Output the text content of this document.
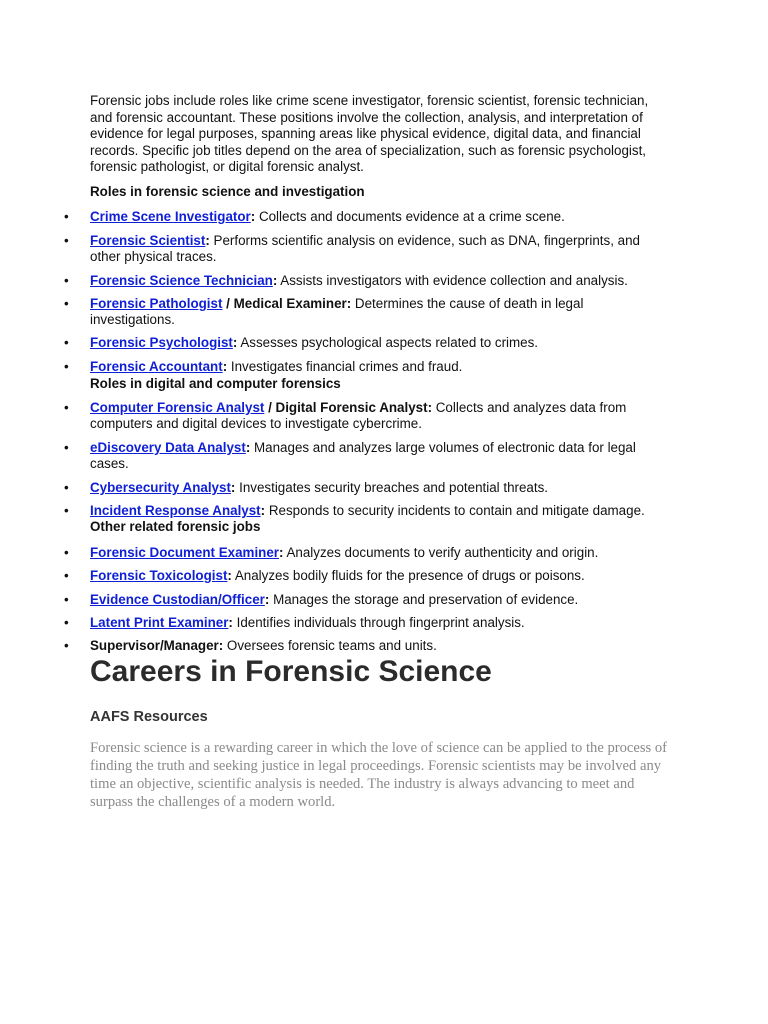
Forensic jobs include roles like crime scene investigator, forensic scientist, forensic technician, and forensic accountant. These positions involve the collection, analysis, and interpretation of evidence for legal purposes, spanning areas like physical evidence, digital data, and financial records. Specific job titles depend on the area of specialization, such as forensic psychologist, forensic pathologist, or digital forensic analyst.

Roles in forensic science and investigation

• Crime Scene Investigator: Collects and documents evidence at a crime scene.
• Forensic Scientist: Performs scientific analysis on evidence, such as DNA, fingerprints, and other physical traces.
• Forensic Science Technician: Assists investigators with evidence collection and analysis.
• Forensic Pathologist / Medical Examiner: Determines the cause of death in legal investigations.
• Forensic Psychologist: Assesses psychological aspects related to crimes.
• Forensic Accountant: Investigates financial crimes and fraud.

Roles in digital and computer forensics

• Computer Forensic Analyst / Digital Forensic Analyst: Collects and analyzes data from computers and digital devices to investigate cybercrime.
• eDiscovery Data Analyst: Manages and analyzes large volumes of electronic data for legal cases.
• Cybersecurity Analyst: Investigates security breaches and potential threats.
• Incident Response Analyst: Responds to security incidents to contain and mitigate damage.

Other related forensic jobs

• Forensic Document Examiner: Analyzes documents to verify authenticity and origin.
• Forensic Toxicologist: Analyzes bodily fluids for the presence of drugs or poisons.
• Evidence Custodian/Officer: Manages the storage and preservation of evidence.
• Latent Print Examiner: Identifies individuals through fingerprint analysis.
• Supervisor/Manager: Oversees forensic teams and units.
Careers in Forensic Science
AAFS Resources

Forensic science is a rewarding career in which the love of science can be applied to the process of finding the truth and seeking justice in legal proceedings. Forensic scientists may be involved any time an objective, scientific analysis is needed. The industry is always advancing to meet and surpass the challenges of a modern world.
